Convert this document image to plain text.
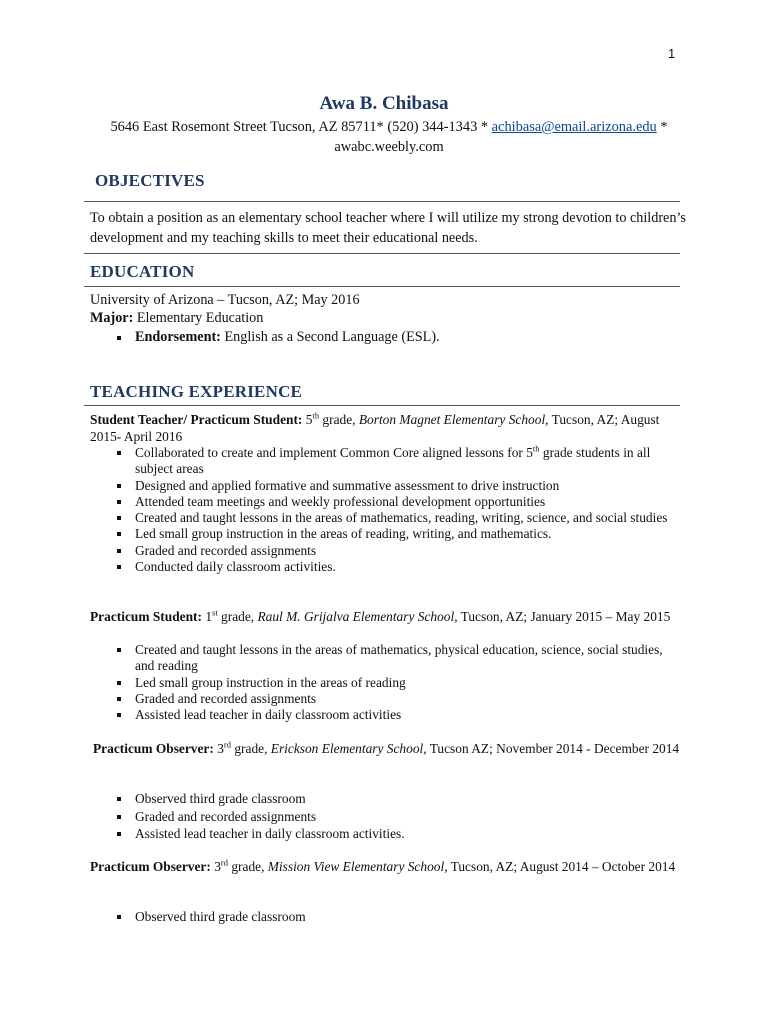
1
Awa B. Chibasa
5646 East Rosemont Street Tucson, AZ 85711* (520) 344-1343 * achibasa@email.arizona.edu * awabc.weebly.com
OBJECTIVES
To obtain a position as an elementary school teacher where I will utilize my strong devotion to children’s development and my teaching skills to meet their educational needs.
EDUCATION
University of Arizona – Tucson, AZ; May 2016
Major: Elementary Education
Endorsement: English as a Second Language (ESL).
TEACHING EXPERIENCE
Student Teacher/ Practicum Student: 5th grade, Borton Magnet Elementary School, Tucson, AZ; August 2015- April 2016
Collaborated to create and implement Common Core aligned lessons for 5th grade students in all subject areas
Designed and applied formative and summative assessment to drive instruction
Attended team meetings and weekly professional development opportunities
Created and taught lessons in the areas of mathematics, reading, writing, science, and social studies
Led small group instruction in the areas of reading, writing, and mathematics.
Graded and recorded assignments
Conducted daily classroom activities.
Practicum Student: 1st grade, Raul M. Grijalva Elementary School, Tucson, AZ; January 2015 – May 2015
Created and taught lessons in the areas of mathematics, physical education, science, social studies, and reading
Led small group instruction in the areas of reading
Graded and recorded assignments
Assisted lead teacher in daily classroom activities
Practicum Observer: 3rd grade, Erickson Elementary School, Tucson AZ; November 2014 - December 2014
Observed third grade classroom
Graded and recorded assignments
Assisted lead teacher in daily classroom activities.
Practicum Observer: 3rd grade, Mission View Elementary School, Tucson, AZ; August 2014 – October 2014
Observed third grade classroom
